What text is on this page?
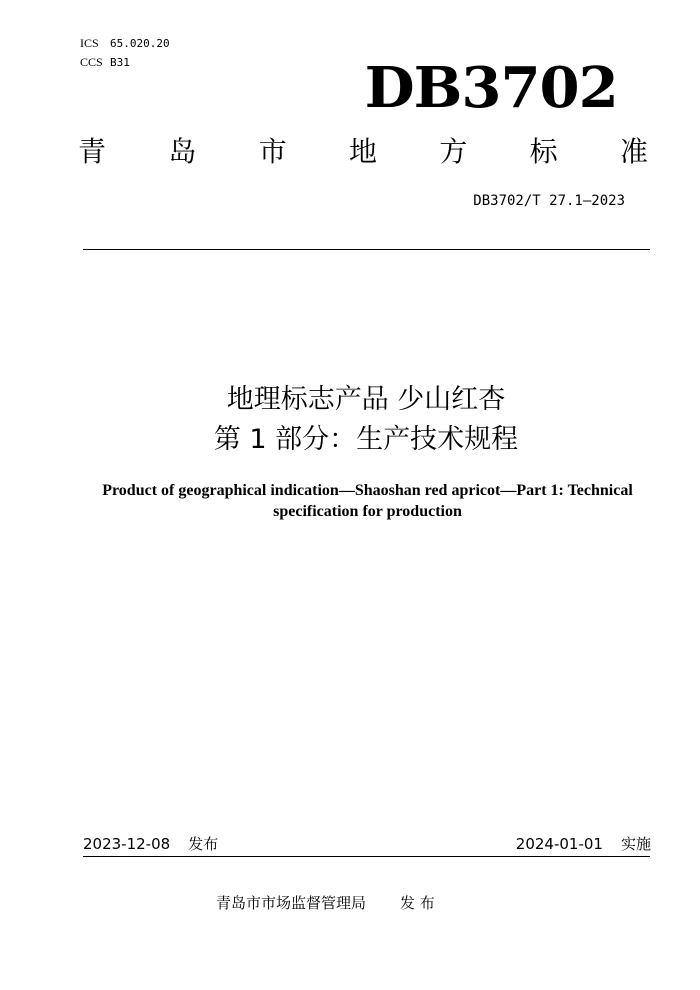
ICS 65.020.20
CCS B31	DB3702
青 岛 市 地 方 标 准
DB3702/T 27.1—2023
地理标志产品 少山红杏
第 1 部分：生产技术规程
Product of geographical indication—Shaoshan red apricot—Part 1: Technical specification for production
2023-12-08 发布	2024-01-01 实施
青岛市市场监督管理局 发 布
